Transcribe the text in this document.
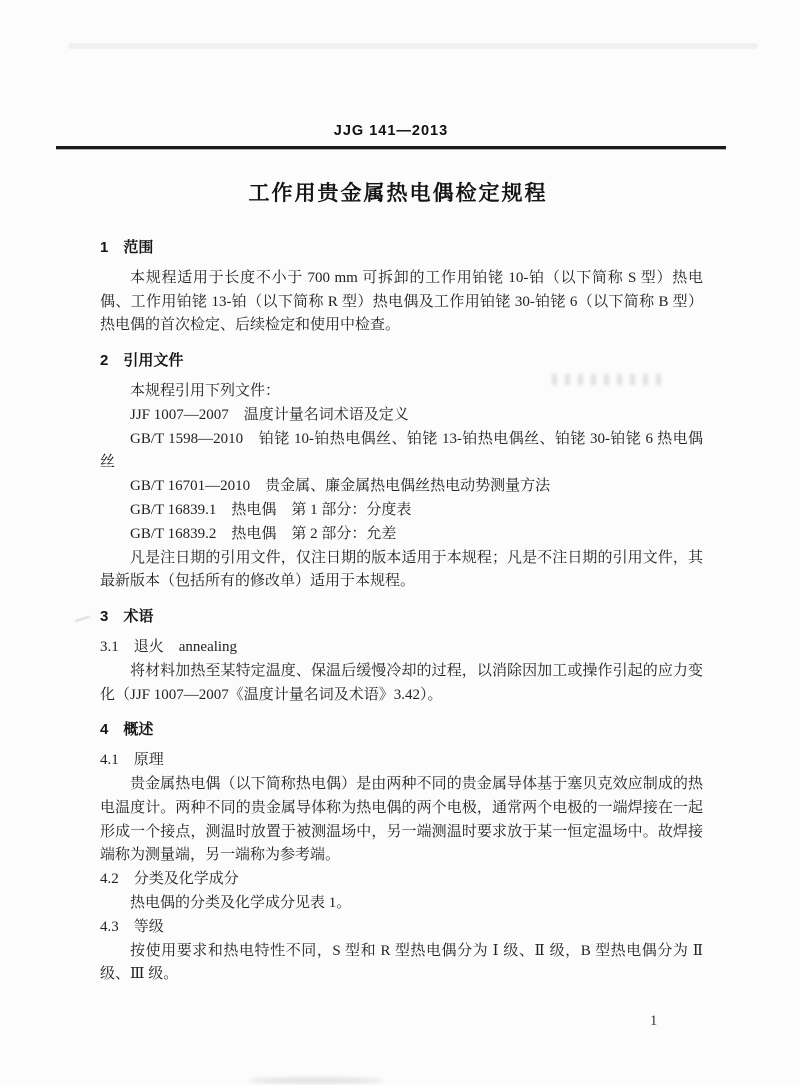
JJG 141—2013
工作用贵金属热电偶检定规程
1　范围

本规程适用于长度不小于 700 mm 可拆卸的工作用铂铑 10-铂（以下简称 S 型）热电偶、工作用铂铑 13-铂（以下简称 R 型）热电偶及工作用铂铑 30-铂铑 6（以下简称 B 型）热电偶的首次检定、后续检定和使用中检查。

2　引用文件

本规程引用下列文件：

JJF 1007—2007　温度计量名词术语及定义

GB/T 1598—2010　铂铑 10-铂热电偶丝、铂铑 13-铂热电偶丝、铂铑 30-铂铑 6 热电偶丝

GB/T 16701—2010　贵金属、廉金属热电偶丝热电动势测量方法

GB/T 16839.1　热电偶　第 1 部分：分度表

GB/T 16839.2　热电偶　第 2 部分：允差

凡是注日期的引用文件，仅注日期的版本适用于本规程；凡是不注日期的引用文件，其最新版本（包括所有的修改单）适用于本规程。

3　术语

3.1　退火　annealing

将材料加热至某特定温度、保温后缓慢冷却的过程，以消除因加工或操作引起的应力变化（JJF 1007—2007《温度计量名词及术语》3.42）。

4　概述

4.1　原理

贵金属热电偶（以下简称热电偶）是由两种不同的贵金属导体基于塞贝克效应制成的热电温度计。两种不同的贵金属导体称为热电偶的两个电极，通常两个电极的一端焊接在一起形成一个接点，测温时放置于被测温场中，另一端测温时要求放于某一恒定温场中。故焊接端称为测量端，另一端称为参考端。

4.2　分类及化学成分

热电偶的分类及化学成分见表 1。

4.3　等级

按使用要求和热电特性不同，S 型和 R 型热电偶分为 Ⅰ 级、Ⅱ 级，B 型热电偶分为 Ⅱ 级、Ⅲ 级。

1
